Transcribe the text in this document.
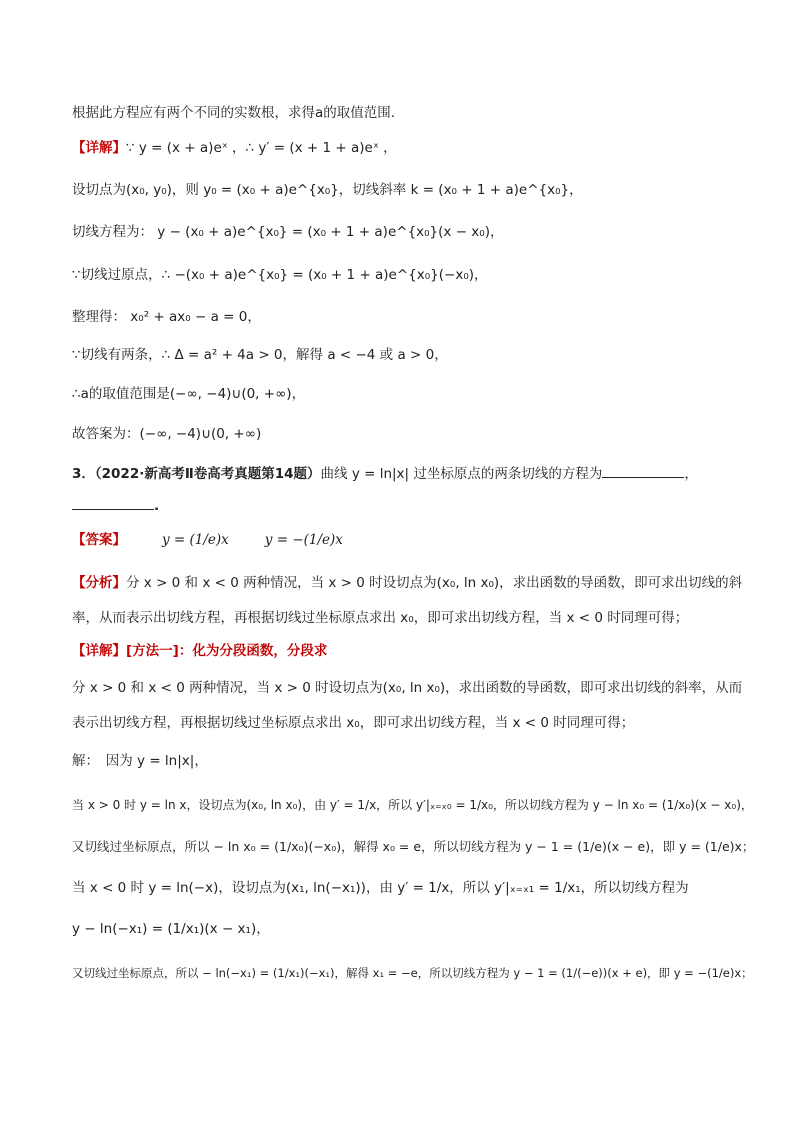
根据此方程应有两个不同的实数根，求得a的取值范围.
【详解】∵ y = (x + a)eˣ ，∴ y′ = (x + 1 + a)eˣ ，
设切点为(x₀, y₀)，则 y₀ = (x₀ + a)e^{x₀}，切线斜率 k = (x₀ + 1 + a)e^{x₀}，
切线方程为： y − (x₀ + a)e^{x₀} = (x₀ + 1 + a)e^{x₀}(x − x₀)，
∵切线过原点，∴ −(x₀ + a)e^{x₀} = (x₀ + 1 + a)e^{x₀}(−x₀)，
整理得： x₀² + ax₀ − a = 0，
∵切线有两条，∴ Δ = a² + 4a > 0，解得 a < −4 或 a > 0，
∴a的取值范围是(−∞, −4)∪(0, +∞)，
故答案为：(−∞, −4)∪(0, +∞)
3．（2022·新高考Ⅱ卷高考真题第14题）曲线 y = ln|x| 过坐标原点的两条切线的方程为	，
.
【答案】	y = (1/e)x	y = −(1/e)x
【分析】分 x > 0 和 x < 0 两种情况，当 x > 0 时设切点为(x₀, ln x₀)，求出函数的导函数，即可求出切线的斜
率，从而表示出切线方程，再根据切线过坐标原点求出 x₀，即可求出切线方程，当 x < 0 时同理可得；
【详解】[方法一]：化为分段函数，分段求
分 x > 0 和 x < 0 两种情况，当 x > 0 时设切点为(x₀, ln x₀)，求出函数的导函数，即可求出切线的斜率，从而
表示出切线方程，再根据切线过坐标原点求出 x₀，即可求出切线方程，当 x < 0 时同理可得；
解：　因为 y = ln|x|，
当 x > 0 时 y = ln x，设切点为(x₀, ln x₀)，由 y′ = 1/x，所以 y′|ₓ₌ₓ₀ = 1/x₀，所以切线方程为 y − ln x₀ = (1/x₀)(x − x₀)，
又切线过坐标原点，所以 − ln x₀ = (1/x₀)(−x₀)，解得 x₀ = e，所以切线方程为 y − 1 = (1/e)(x − e)，即 y = (1/e)x；
当 x < 0 时 y = ln(−x)，设切点为(x₁, ln(−x₁))，由 y′ = 1/x，所以 y′|ₓ₌ₓ₁ = 1/x₁，所以切线方程为
y − ln(−x₁) = (1/x₁)(x − x₁)，
又切线过坐标原点，所以 − ln(−x₁) = (1/x₁)(−x₁)，解得 x₁ = −e，所以切线方程为 y − 1 = (1/(−e))(x + e)，即 y = −(1/e)x；
